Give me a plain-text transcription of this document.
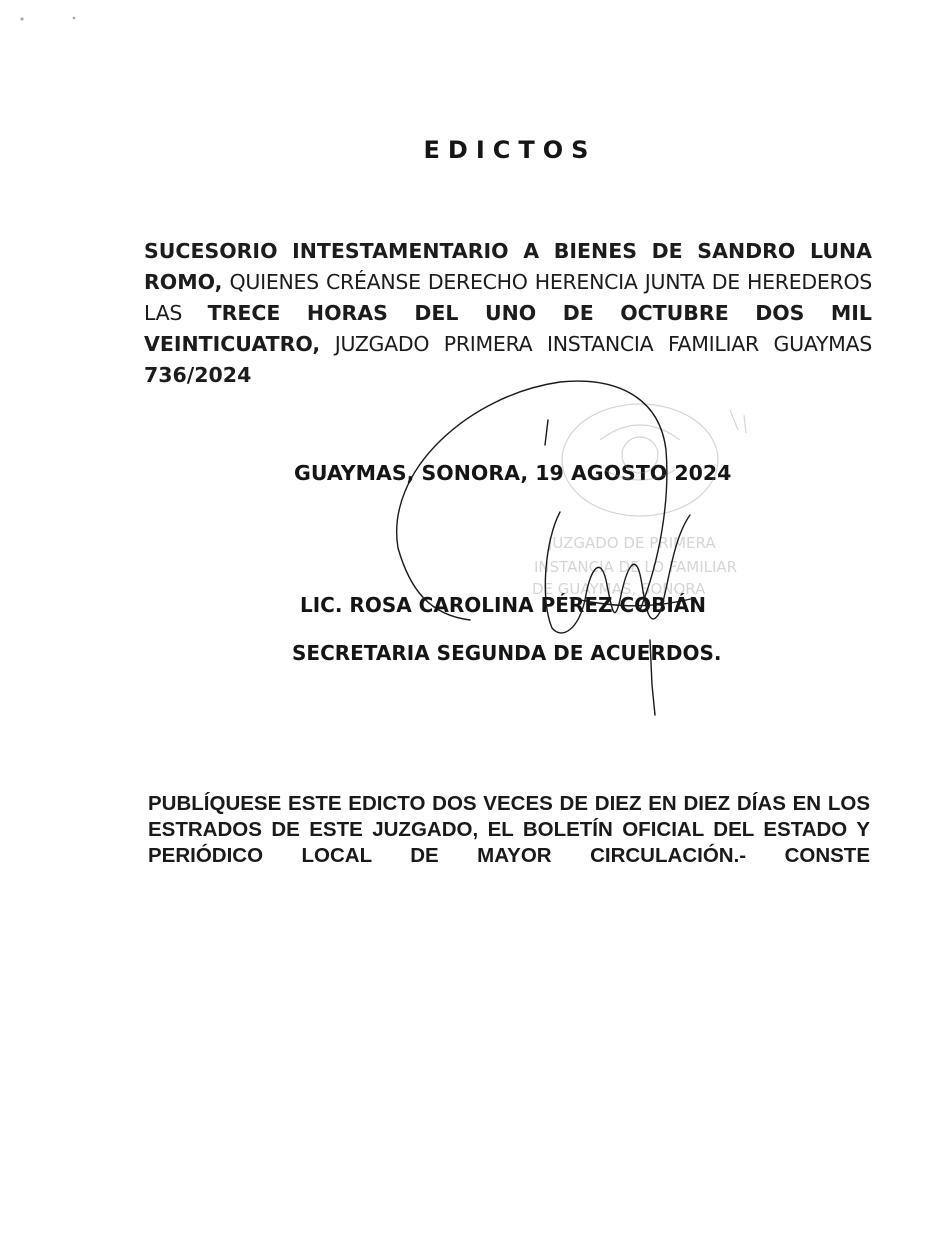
EDICTOS
SUCESORIO INTESTAMENTARIO A BIENES DE SANDRO LUNA ROMO, QUIENES CRÉANSE DERECHO HERENCIA JUNTA DE HEREDEROS LAS TRECE HORAS DEL UNO DE OCTUBRE DOS MIL VEINTICUATRO, JUZGADO PRIMERA INSTANCIA FAMILIAR GUAYMAS 736/2024
GUAYMAS, SONORA, 19 AGOSTO 2024
LIC. ROSA CAROLINA PÉREZ COBIÁN
SECRETARIA SEGUNDA DE ACUERDOS.
PUBLÍQUESE ESTE EDICTO DOS VECES DE DIEZ EN DIEZ DÍAS EN LOS ESTRADOS DE ESTE JUZGADO, EL BOLETÍN OFICIAL DEL ESTADO Y PERIÓDICO LOCAL DE MAYOR CIRCULACIÓN.- CONSTE
JUZGADO DE PRIMERA
INSTANCIA DE LO FAMILIAR
DE GUAYMAS, SONORA
